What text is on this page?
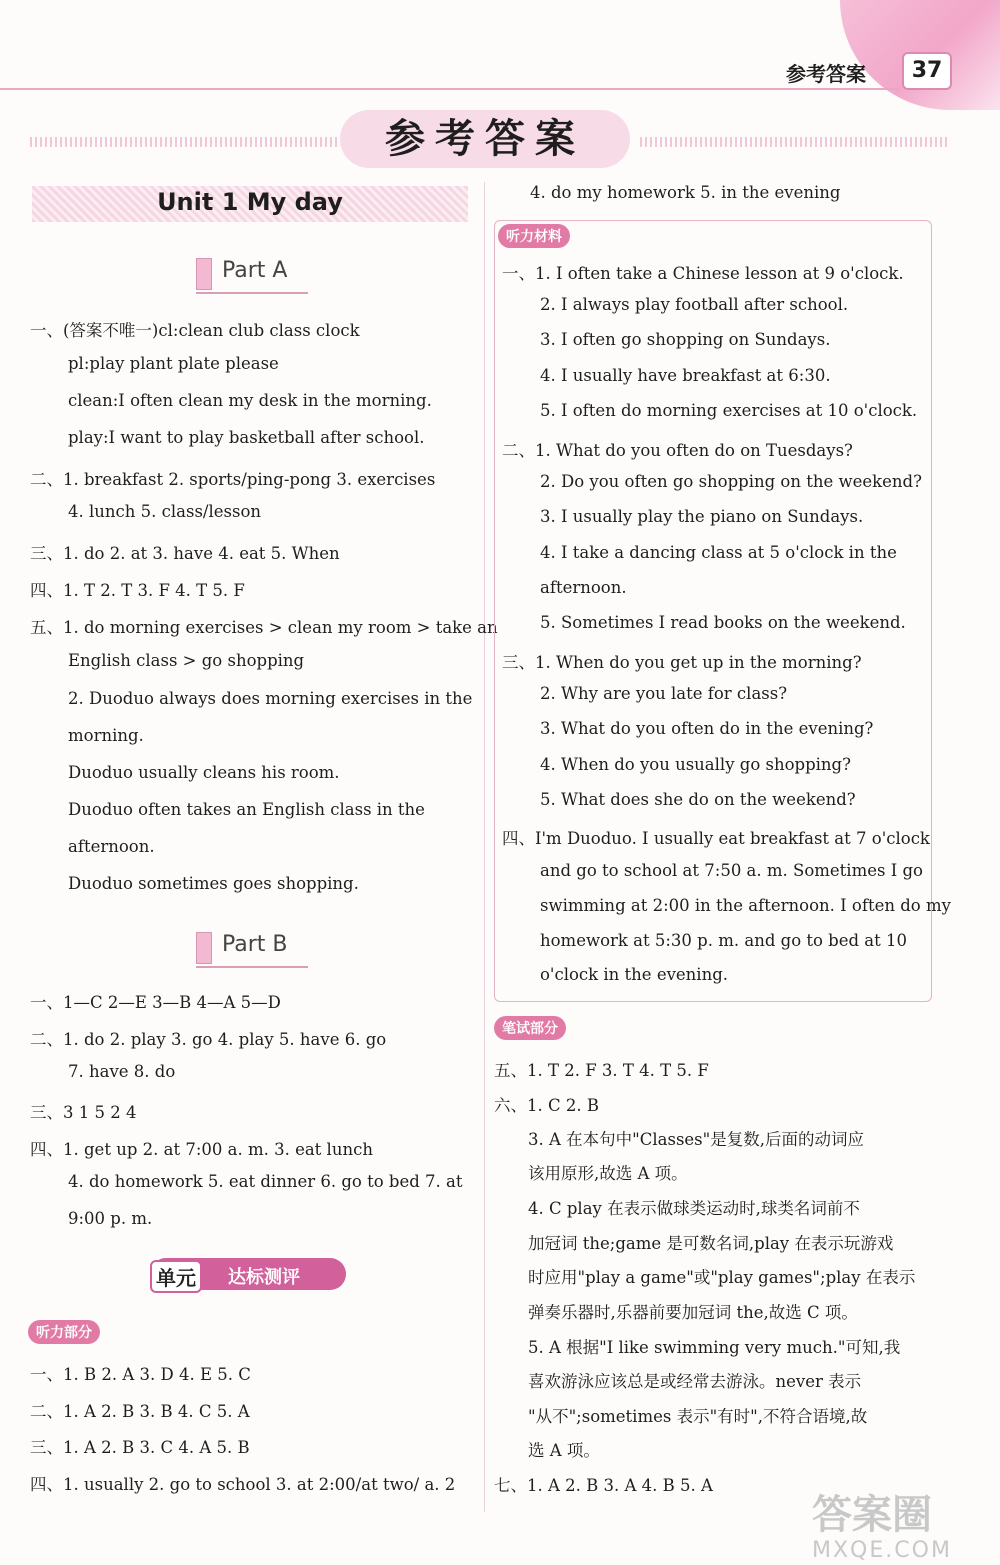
参考答案	37
参考答案
Unit 1 My day
Part A
一、(答案不唯一)cl:clean club class clock
pl:play plant plate please
clean:I often clean my desk in the morning.
play:I want to play basketball after school.
二、1. breakfast 2. sports/ping-pong 3. exercises
4. lunch 5. class/lesson
三、1. do 2. at 3. have 4. eat 5. When
四、1. T 2. T 3. F 4. T 5. F
五、1. do morning exercises > clean my room > take an
English class > go shopping
2. Duoduo always does morning exercises in the
morning.
Duoduo usually cleans his room.
Duoduo often takes an English class in the
afternoon.
Duoduo sometimes goes shopping.
Part B
一、1—C 2—E 3—B 4—A 5—D
二、1. do 2. play 3. go 4. play 5. have 6. go
7. have 8. do
三、3 1 5 2 4
四、1. get up 2. at 7:00 a. m. 3. eat lunch
4. do homework 5. eat dinner 6. go to bed 7. at
9:00 p. m.
单元	达标测评
听力部分
一、1. B 2. A 3. D 4. E 5. C
二、1. A 2. B 3. B 4. C 5. A
三、1. A 2. B 3. C 4. A 5. B
四、1. usually 2. go to school 3. at 2:00/at two/ a. 2
4. do my homework 5. in the evening
听力材料
一、1. I often take a Chinese lesson at 9 o'clock.
2. I always play football after school.
3. I often go shopping on Sundays.
4. I usually have breakfast at 6:30.
5. I often do morning exercises at 10 o'clock.
二、1. What do you often do on Tuesdays?
2. Do you often go shopping on the weekend?
3. I usually play the piano on Sundays.
4. I take a dancing class at 5 o'clock in the
afternoon.
5. Sometimes I read books on the weekend.
三、1. When do you get up in the morning?
2. Why are you late for class?
3. What do you often do in the evening?
4. When do you usually go shopping?
5. What does she do on the weekend?
四、I'm Duoduo. I usually eat breakfast at 7 o'clock
and go to school at 7:50 a. m. Sometimes I go
swimming at 2:00 in the afternoon. I often do my
homework at 5:30 p. m. and go to bed at 10
o'clock in the evening.
笔试部分
五、1. T 2. F 3. T 4. T 5. F
六、1. C 2. B
3. A 在本句中"Classes"是复数,后面的动词应
该用原形,故选 A 项。
4. C play 在表示做球类运动时,球类名词前不
加冠词 the;game 是可数名词,play 在表示玩游戏
时应用"play a game"或"play games";play 在表示
弹奏乐器时,乐器前要加冠词 the,故选 C 项。
5. A 根据"I like swimming very much."可知,我
喜欢游泳应该总是或经常去游泳。never 表示
"从不";sometimes 表示"有时",不符合语境,故
选 A 项。
七、1. A 2. B 3. A 4. B 5. A
答案圈
MXQE.COM
